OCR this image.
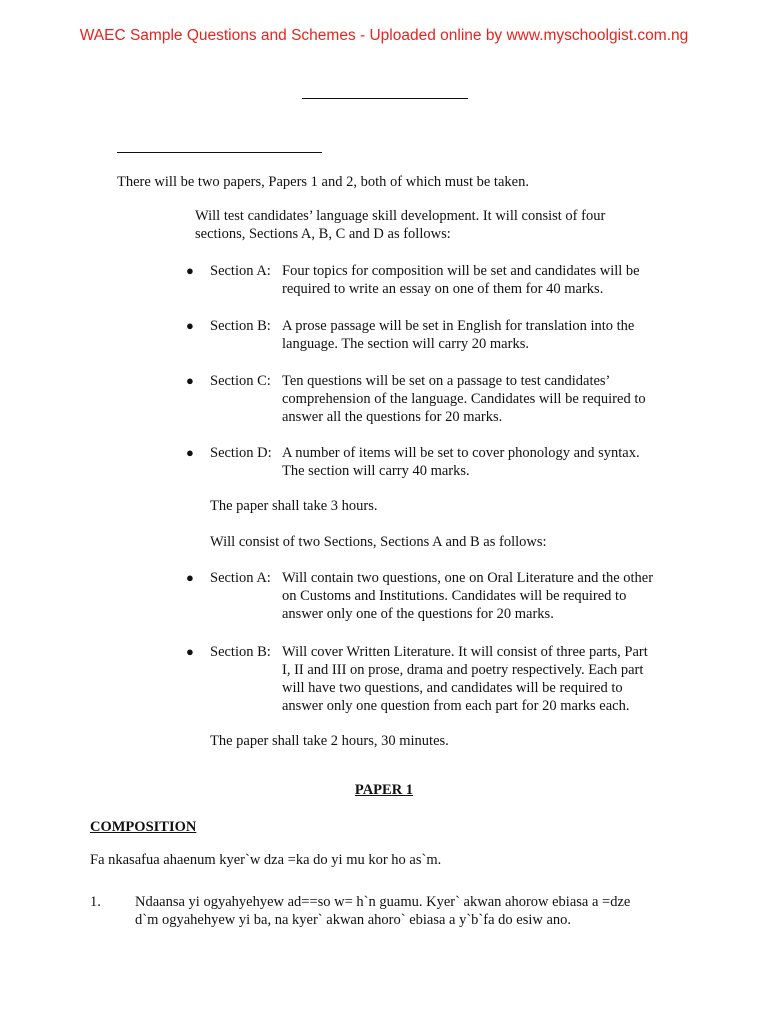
WAEC Sample Questions and Schemes - Uploaded online by www.myschoolgist.com.ng
There will be two papers, Papers 1 and 2, both of which must be taken.
Will test candidates’ language skill development. It will consist of four
sections, Sections A, B, C and D as follows:
● Section A: Four topics for composition will be set and candidates will be
required to write an essay on one of them for 40 marks.
● Section B: A prose passage will be set in English for translation into the
language. The section will carry 20 marks.
● Section C: Ten questions will be set on a passage to test candidates’
comprehension of the language. Candidates will be required to
answer all the questions for 20 marks.
● Section D: A number of items will be set to cover phonology and syntax.
The section will carry 40 marks.
The paper shall take 3 hours.
Will consist of two Sections, Sections A and B as follows:
● Section A: Will contain two questions, one on Oral Literature and the other
on Customs and Institutions. Candidates will be required to
answer only one of the questions for 20 marks.
● Section B: Will cover Written Literature. It will consist of three parts, Part
I, II and III on prose, drama and poetry respectively. Each part
will have two questions, and candidates will be required to
answer only one question from each part for 20 marks each.
The paper shall take 2 hours, 30 minutes.
PAPER 1
COMPOSITION
Fa nkasafua ahaenum kyer`w dza =ka do yi mu kor ho as`m.
1. Ndaansa yi ogyahyehyew ad==so w= h`n guamu. Kyer` akwan ahorow ebiasa a =dze
d`m ogyahehyew yi ba, na kyer` akwan ahoro` ebiasa a y`b`fa do esiw ano.
